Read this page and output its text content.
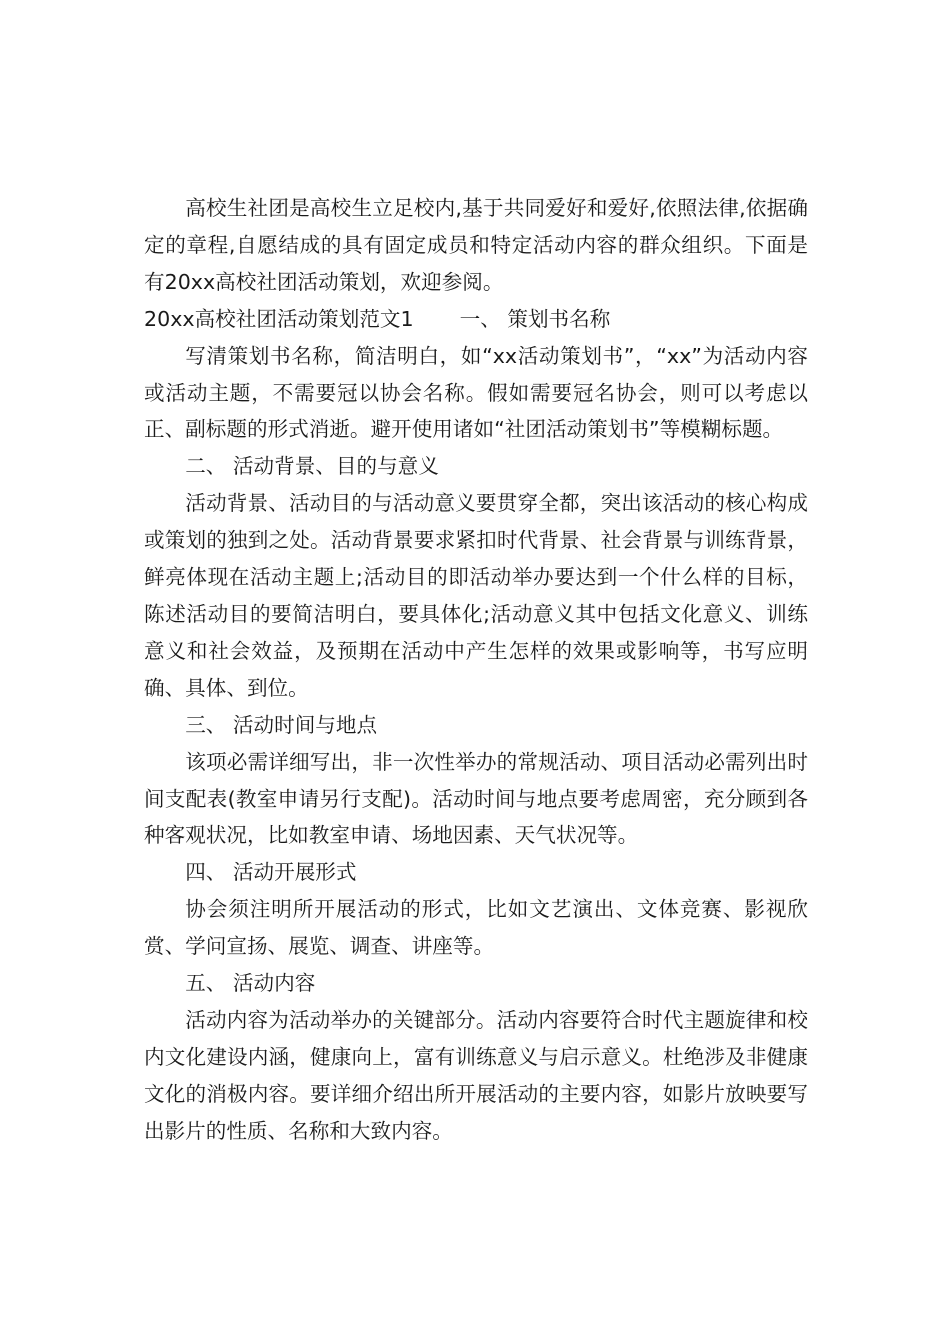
高校生社团是高校生立足校内,基于共同爱好和爱好,依照法律,依据确定的章程,自愿结成的具有固定成员和特定活动内容的群众组织。下面是有20xx高校社团活动策划，欢迎参阅。

20xx高校社团活动策划范文1 一、 策划书名称

写清策划书名称，简洁明白，如“xx活动策划书”，“xx”为活动内容或活动主题，不需要冠以协会名称。假如需要冠名协会，则可以考虑以正、副标题的形式消逝。避开使用诸如“社团活动策划书”等模糊标题。

二、 活动背景、目的与意义

活动背景、活动目的与活动意义要贯穿全都，突出该活动的核心构成或策划的独到之处。活动背景要求紧扣时代背景、社会背景与训练背景，鲜亮体现在活动主题上;活动目的即活动举办要达到一个什么样的目标，陈述活动目的要简洁明白，要具体化;活动意义其中包括文化意义、训练意义和社会效益，及预期在活动中产生怎样的效果或影响等，书写应明确、具体、到位。

三、 活动时间与地点

该项必需详细写出，非一次性举办的常规活动、项目活动必需列出时间支配表(教室申请另行支配)。活动时间与地点要考虑周密，充分顾到各种客观状况，比如教室申请、场地因素、天气状况等。

四、 活动开展形式

协会须注明所开展活动的形式，比如文艺演出、文体竞赛、影视欣赏、学问宣扬、展览、调查、讲座等。

五、 活动内容

活动内容为活动举办的关键部分。活动内容要符合时代主题旋律和校内文化建设内涵，健康向上，富有训练意义与启示意义。杜绝涉及非健康文化的消极内容。要详细介绍出所开展活动的主要内容，如影片放映要写出影片的性质、名称和大致内容。
